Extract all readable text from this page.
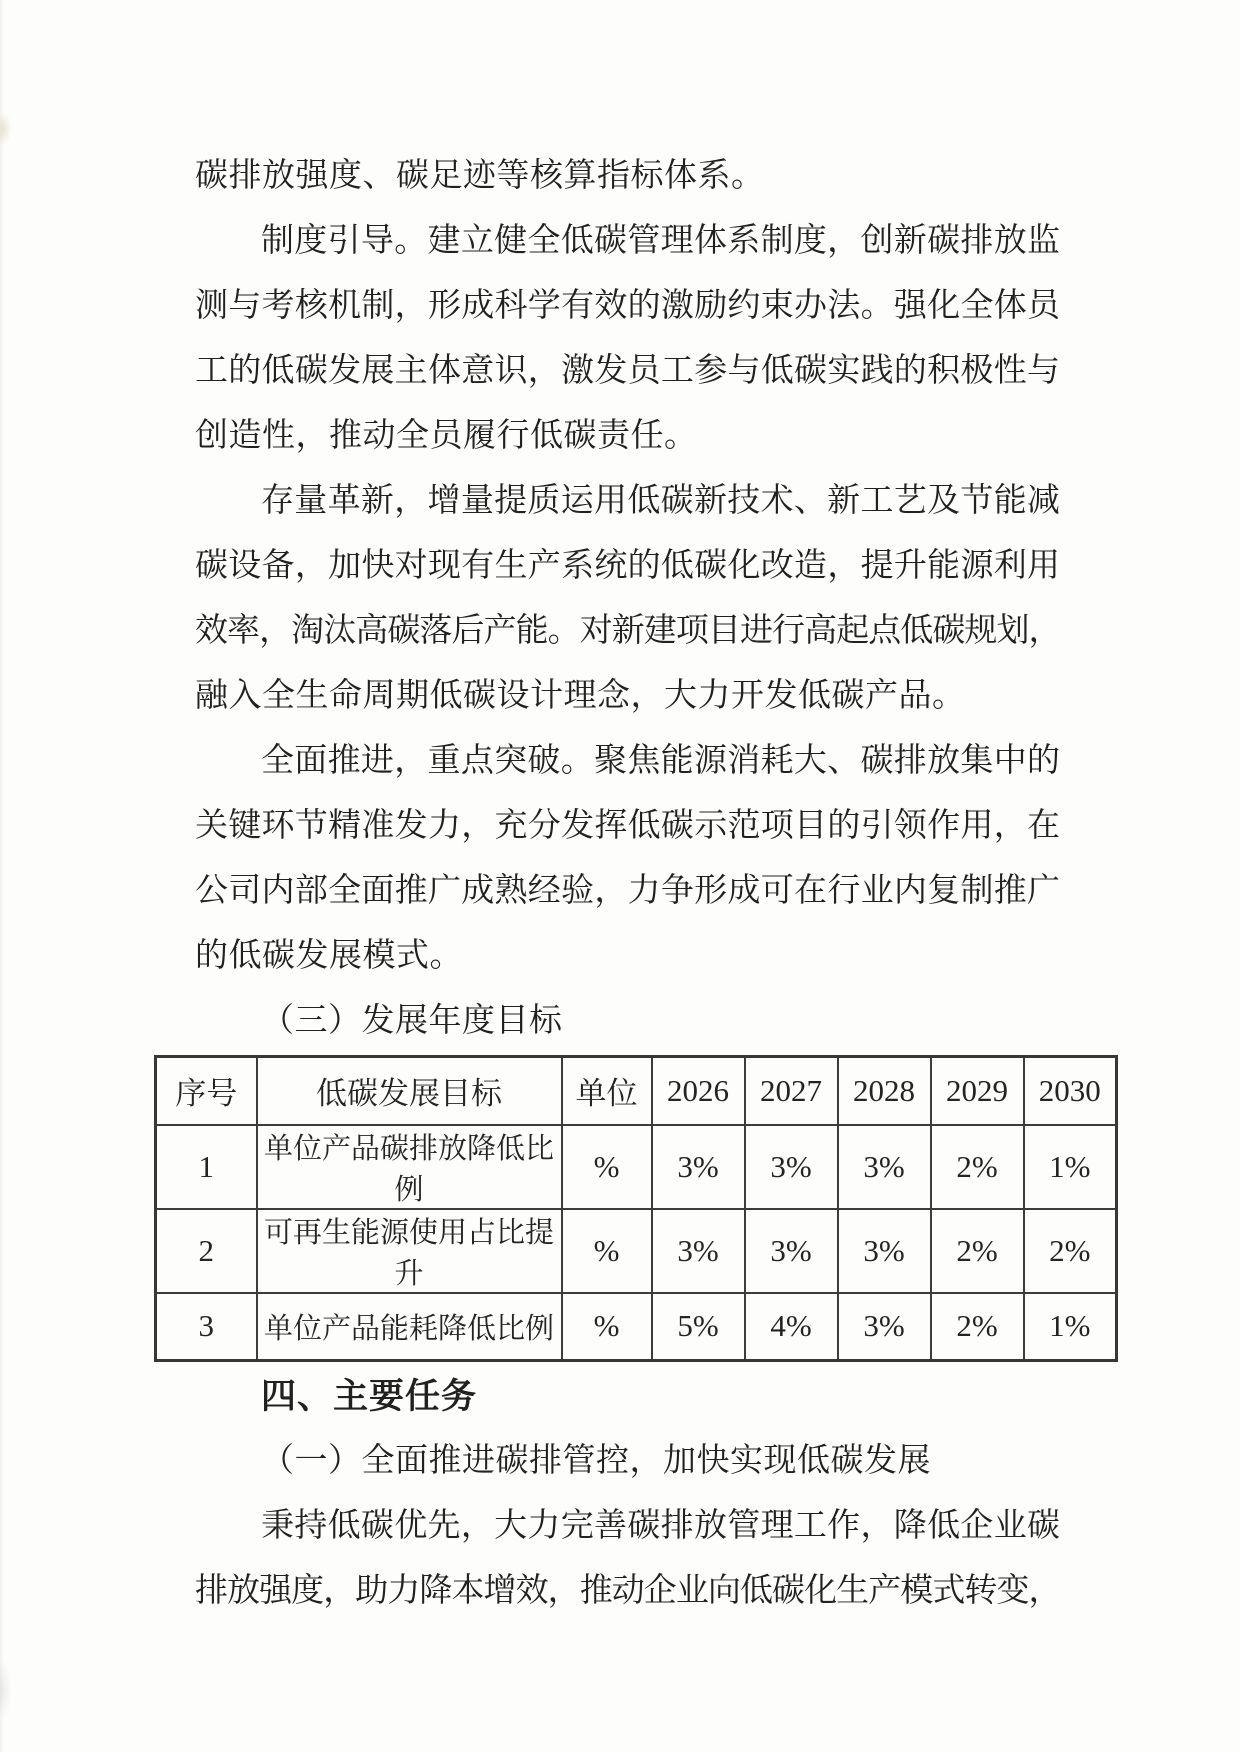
碳排放强度、碳足迹等核算指标体系。
制度引导。建立健全低碳管理体系制度，创新碳排放监
测与考核机制，形成科学有效的激励约束办法。强化全体员
工的低碳发展主体意识，激发员工参与低碳实践的积极性与
创造性，推动全员履行低碳责任。
存量革新，增量提质运用低碳新技术、新工艺及节能减
碳设备，加快对现有生产系统的低碳化改造，提升能源利用
效率，淘汰高碳落后产能。对新建项目进行高起点低碳规划，
融入全生命周期低碳设计理念，大力开发低碳产品。
全面推进，重点突破。聚焦能源消耗大、碳排放集中的
关键环节精准发力，充分发挥低碳示范项目的引领作用，在
公司内部全面推广成熟经验，力争形成可在行业内复制推广
的低碳发展模式。
（三）发展年度目标
序号	低碳发展目标	单位	2026	2027	2028	2029	2030
1	单位产品碳排放降低比例	%	3%	3%	3%	2%	1%
2	可再生能源使用占比提升	%	3%	3%	3%	2%	2%
3	单位产品能耗降低比例	%	5%	4%	3%	2%	1%
四、主要任务
（一）全面推进碳排管控，加快实现低碳发展
秉持低碳优先，大力完善碳排放管理工作，降低企业碳
排放强度，助力降本增效，推动企业向低碳化生产模式转变，
